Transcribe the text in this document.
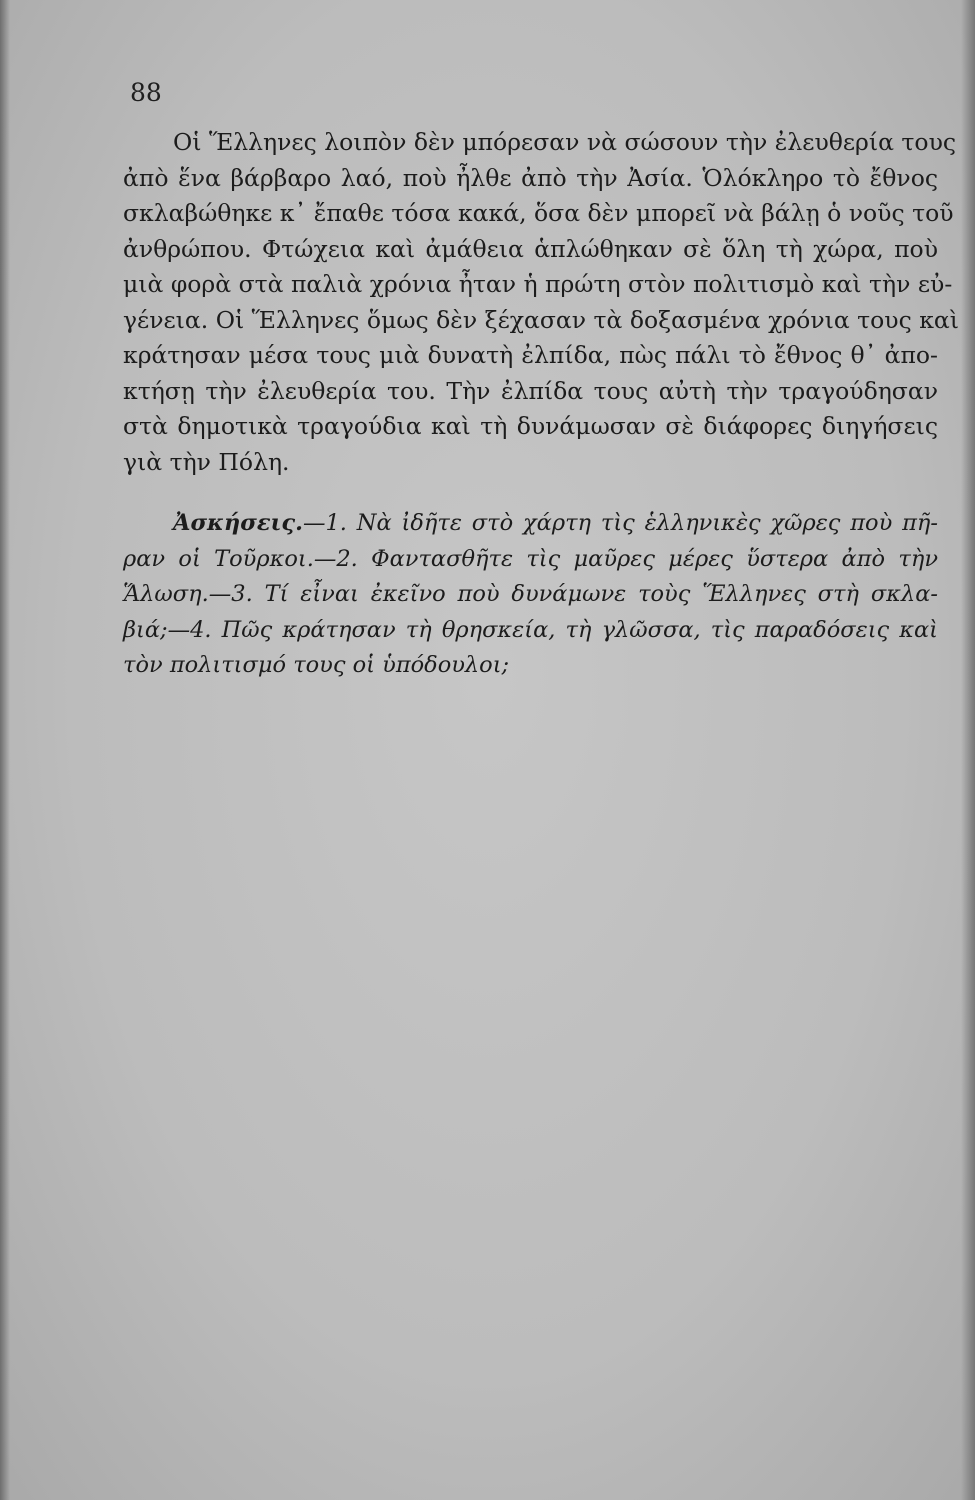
88
Οἱ Ἕλληνες λοιπὸν δὲν μπόρεσαν νὰ σώσουν τὴν ἐλευθερία τους
ἀπὸ ἕνα βάρβαρο λαό, ποὺ ἦλθε ἀπὸ τὴν Ἀσία. Ὁλόκληρο τὸ ἔθνος
σκλαβώθηκε κ᾽ ἔπαθε τόσα κακά, ὅσα δὲν μπορεῖ νὰ βάλῃ ὁ νοῦς τοῦ
ἀνθρώπου. Φτώχεια καὶ ἀμάθεια ἁπλώθηκαν σὲ ὅλη τὴ χώρα, ποὺ
μιὰ φορὰ στὰ παλιὰ χρόνια ἦταν ἡ πρώτη στὸν πολιτισμὸ καὶ τὴν εὐ-
γένεια. Οἱ Ἕλληνες ὅμως δὲν ξέχασαν τὰ δοξασμένα χρόνια τους καὶ
κράτησαν μέσα τους μιὰ δυνατὴ ἐλπίδα, πὼς πάλι τὸ ἔθνος θ᾽ ἀπο-
κτήσῃ τὴν ἐλευθερία του. Τὴν ἐλπίδα τους αὐτὴ τὴν τραγούδησαν
στὰ δημοτικὰ τραγούδια καὶ τὴ δυνάμωσαν σὲ διάφορες διηγήσεις
γιὰ τὴν Πόλη.
Ἀσκήσεις.—1. Νὰ ἰδῆτε στὸ χάρτη τὶς ἑλληνικὲς χῶρες ποὺ πῆ-
ραν οἱ Τοῦρκοι.—2. Φαντασθῆτε τὶς μαῦρες μέρες ὕστερα ἀπὸ τὴν
Ἅλωση.—3. Τί εἶναι ἐκεῖνο ποὺ δυνάμωνε τοὺς Ἕλληνες στὴ σκλα-
βιά;—4. Πῶς κράτησαν τὴ θρησκεία, τὴ γλῶσσα, τὶς παραδόσεις καὶ
τὸν πολιτισμό τους οἱ ὑπόδουλοι;
